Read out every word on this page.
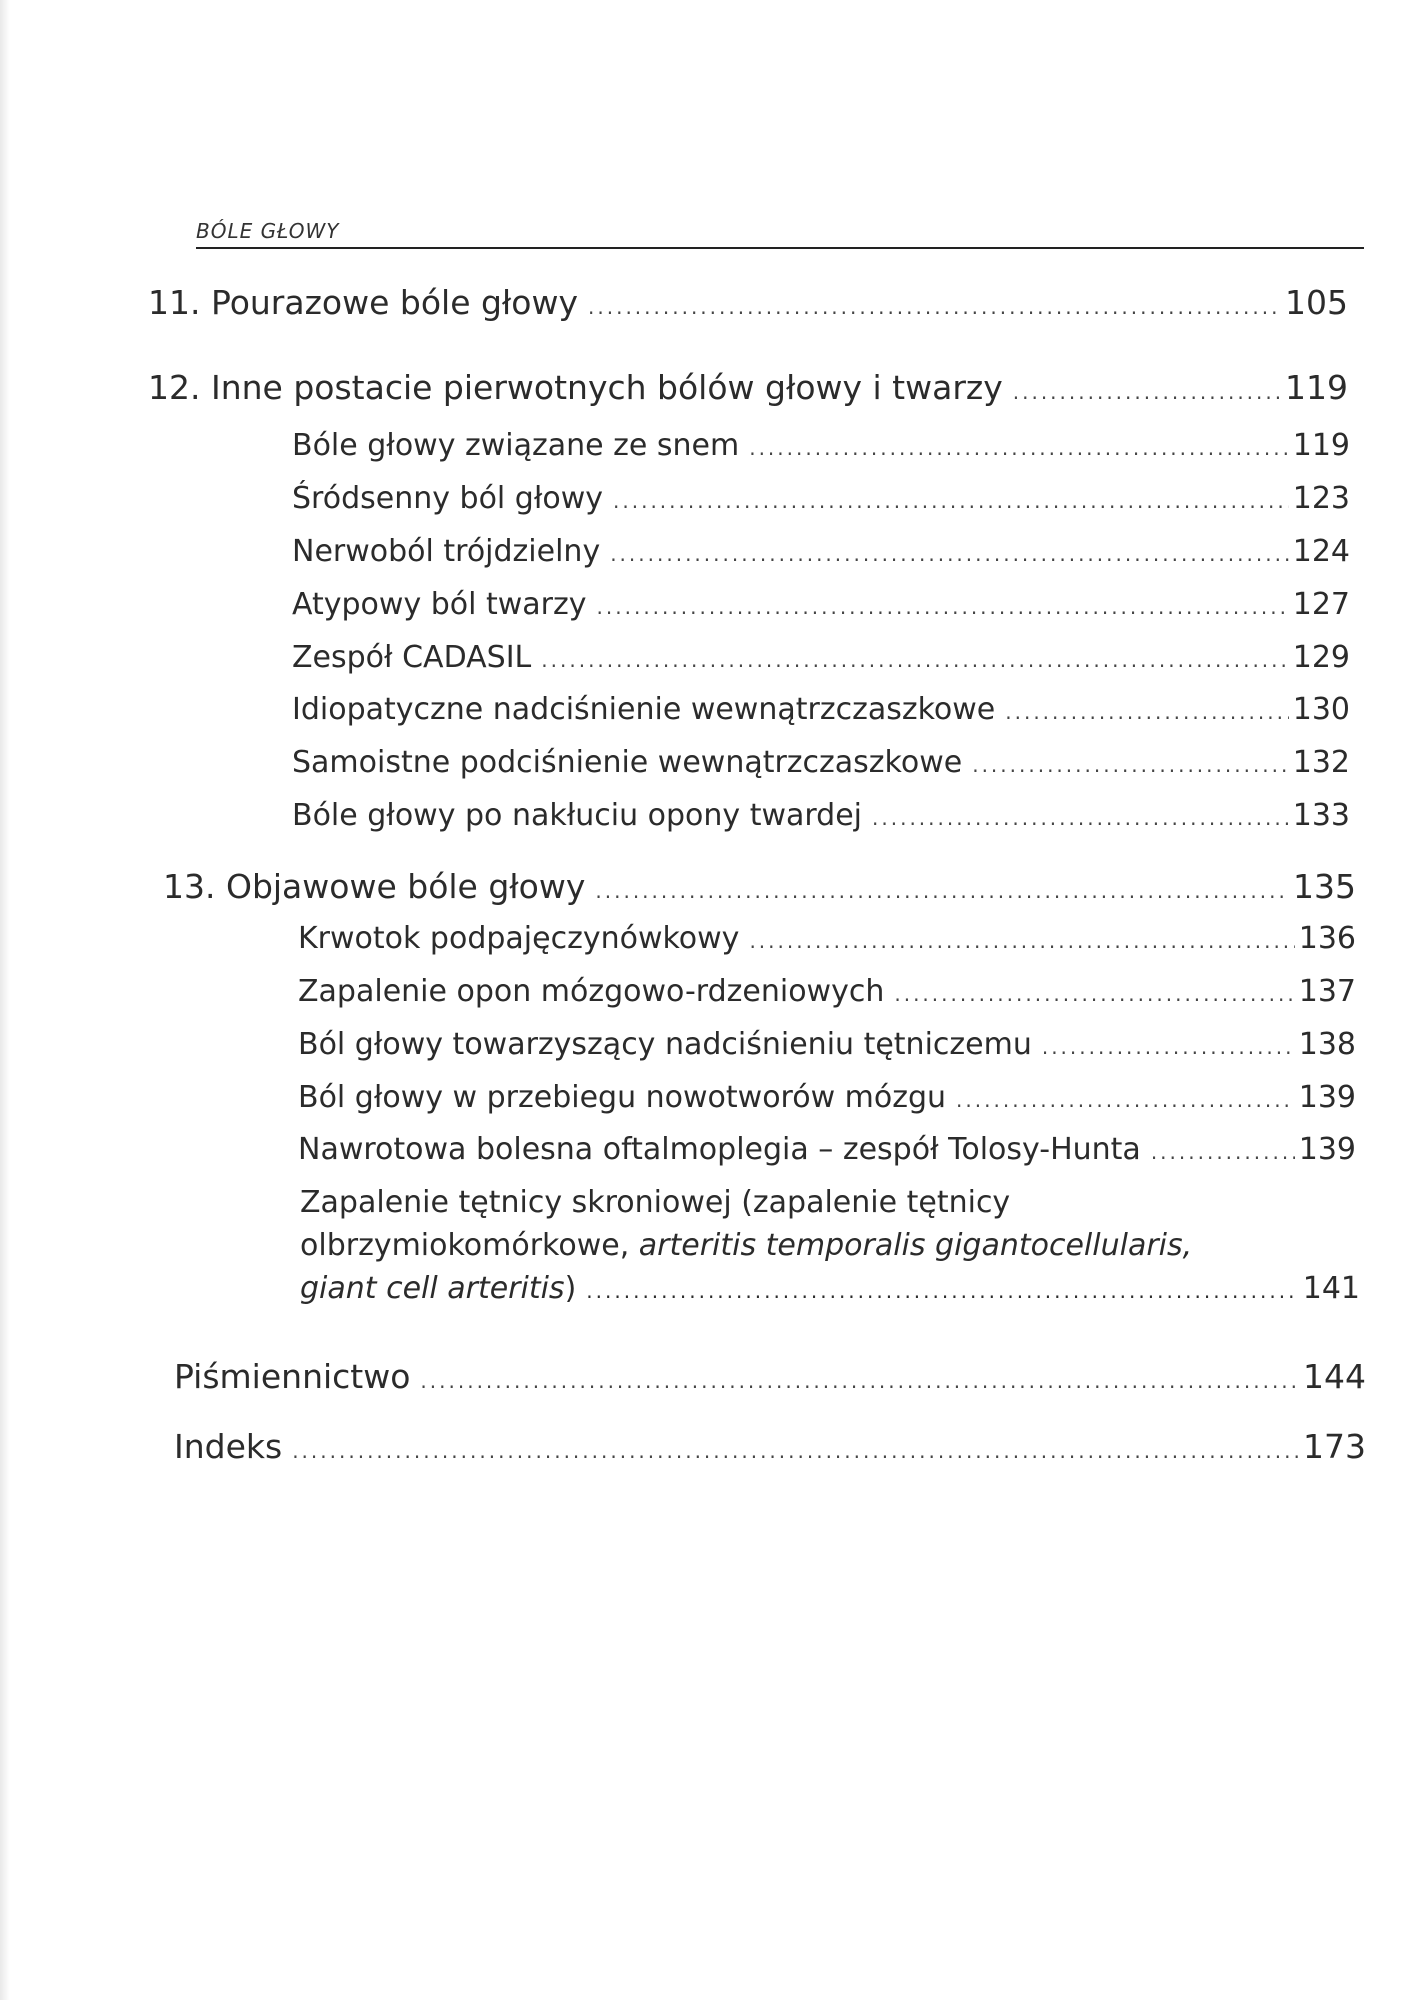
BÓLE GŁOWY
11. Pourazowe bóle głowy .....	105
12. Inne postacie pierwotnych bólów głowy i twarzy .....	119
Bóle głowy związane ze snem .....	119
Śródsenny ból głowy .....	123
Nerwoból trójdzielny .....	124
Atypowy ból twarzy .....	127
Zespół CADASIL .....	129
Idiopatyczne nadciśnienie wewnątrzczaszkowe .....	130
Samoistne podciśnienie wewnątrzczaszkowe .....	132
Bóle głowy po nakłuciu opony twardej .....	133
13. Objawowe bóle głowy .....	135
Krwotok podpajęczynówkowy .....	136
Zapalenie opon mózgowo-rdzeniowych .....	137
Ból głowy towarzyszący nadciśnieniu tętniczemu .....	138
Ból głowy w przebiegu nowotworów mózgu .....	139
Nawrotowa bolesna oftalmoplegia – zespół Tolosy-Hunta .....	139
Zapalenie tętnicy skroniowej (zapalenie tętnicy
olbrzymiokomórkowe, arteritis temporalis gigantocellularis,
giant cell arteritis) .....	141
Piśmiennictwo .....	144
Indeks .....	173
